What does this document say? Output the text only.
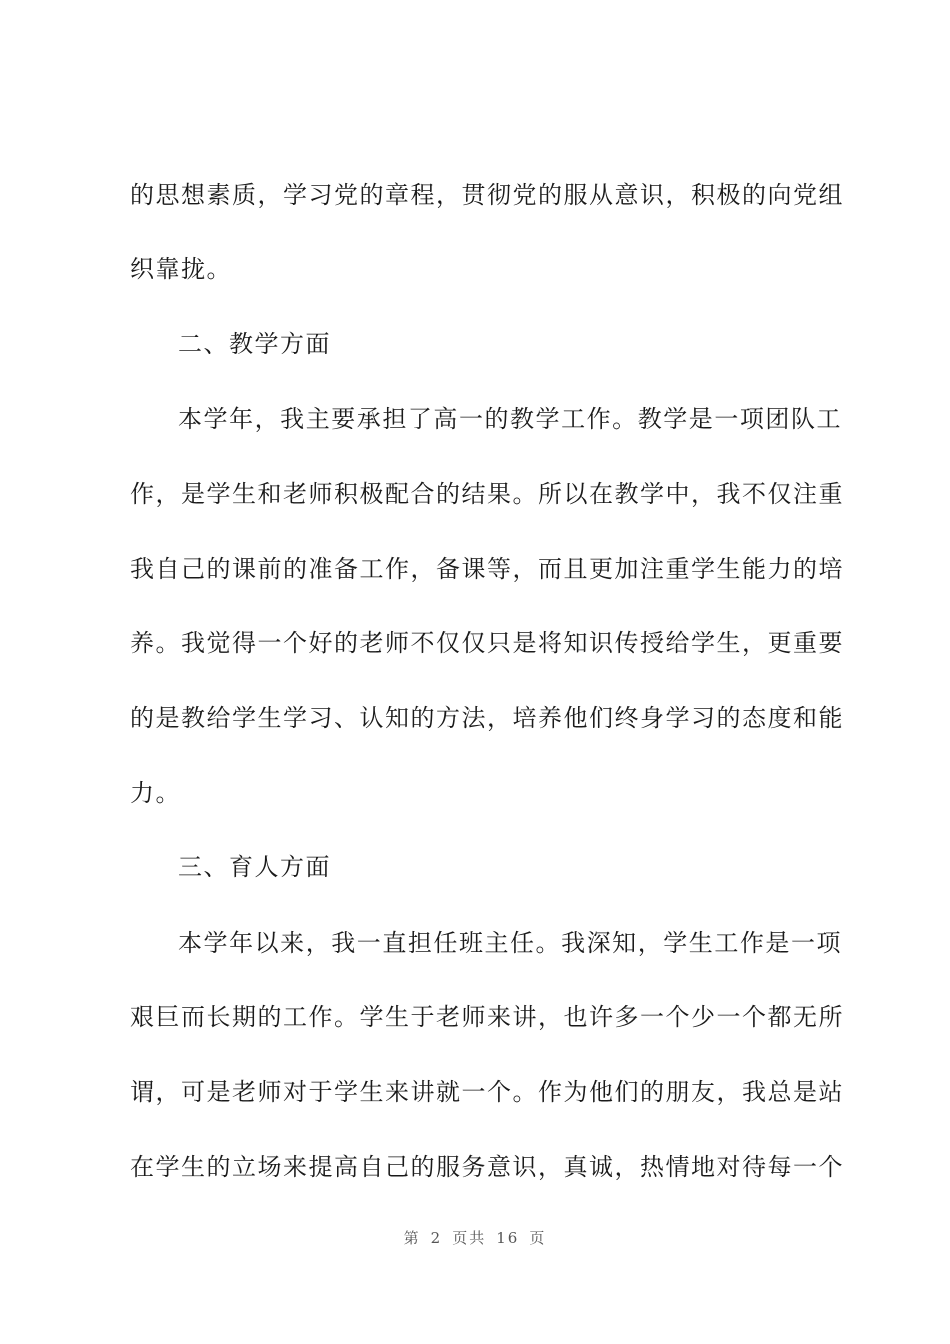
的思想素质，学习党的章程，贯彻党的服从意识，积极的向党组
织靠拢。
二、教学方面
本学年，我主要承担了高一的教学工作。教学是一项团队工
作，是学生和老师积极配合的结果。所以在教学中，我不仅注重
我自己的课前的准备工作，备课等，而且更加注重学生能力的培
养。我觉得一个好的老师不仅仅只是将知识传授给学生，更重要
的是教给学生学习、认知的方法，培养他们终身学习的态度和能
力。
三、育人方面
本学年以来，我一直担任班主任。我深知，学生工作是一项
艰巨而长期的工作。学生于老师来讲，也许多一个少一个都无所
谓，可是老师对于学生来讲就一个。作为他们的朋友，我总是站
在学生的立场来提高自己的服务意识，真诚，热情地对待每一个
第 2 页共 16 页
